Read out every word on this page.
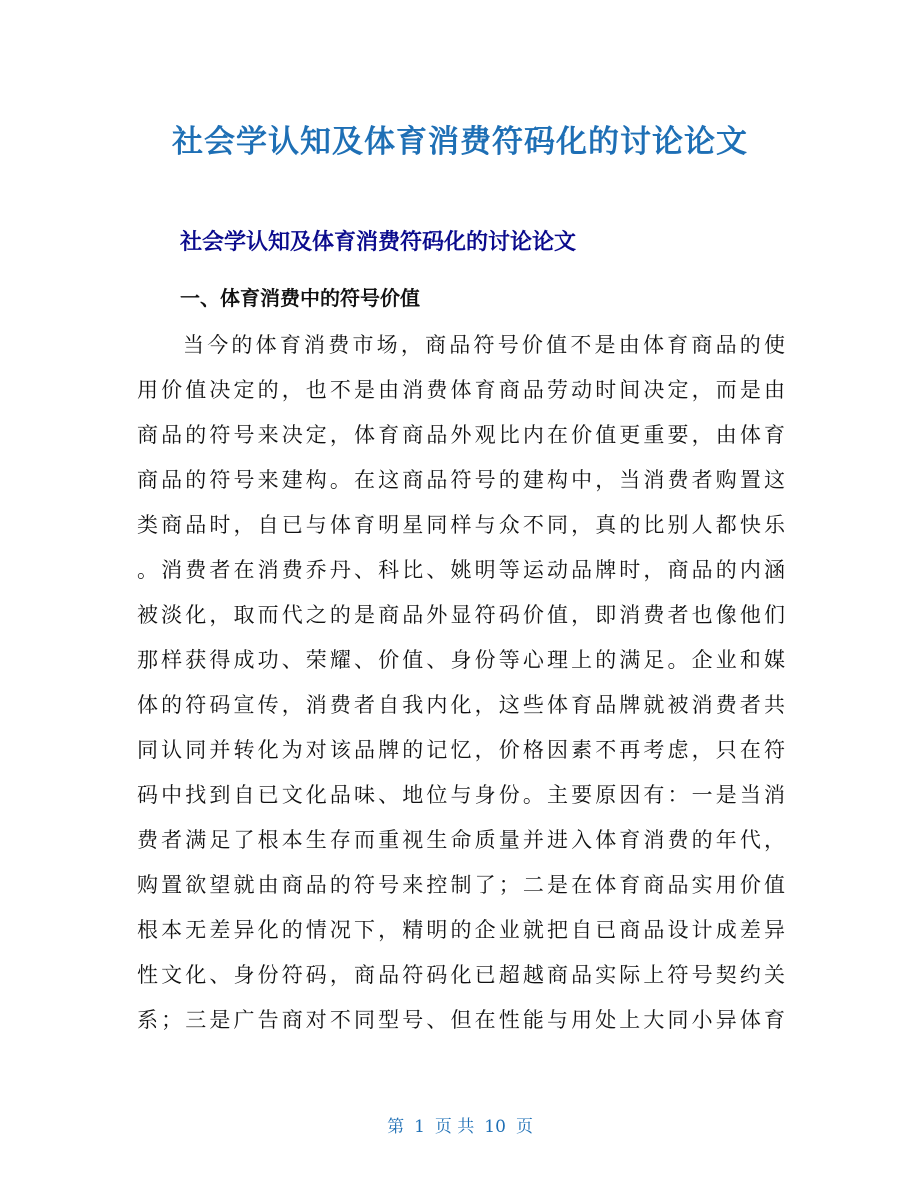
社会学认知及体育消费符码化的讨论论文
社会学认知及体育消费符码化的讨论论文
一、体育消费中的符号价值
当今的体育消费市场，商品符号价值不是由体育商品的使
用价值决定的，也不是由消费体育商品劳动时间决定，而是由
商品的符号来决定，体育商品外观比内在价值更重要，由体育
商品的符号来建构。在这商品符号的建构中，当消费者购置这
类商品时，自已与体育明星同样与众不同，真的比别人都快乐
。消费者在消费乔丹、科比、姚明等运动品牌时，商品的内涵
被淡化，取而代之的是商品外显符码价值，即消费者也像他们
那样获得成功、荣耀、价值、身份等心理上的满足。企业和媒
体的符码宣传，消费者自我内化，这些体育品牌就被消费者共
同认同并转化为对该品牌的记忆，价格因素不再考虑，只在符
码中找到自已文化品味、地位与身份。主要原因有：一是当消
费者满足了根本生存而重视生命质量并进入体育消费的年代，
购置欲望就由商品的符号来控制了；二是在体育商品实用价值
根本无差异化的情况下，精明的企业就把自已商品设计成差异
性文化、身份符码，商品符码化已超越商品实际上符号契约关
系；三是广告商对不同型号、但在性能与用处上大同小异体育
第 1 页 共 10 页
